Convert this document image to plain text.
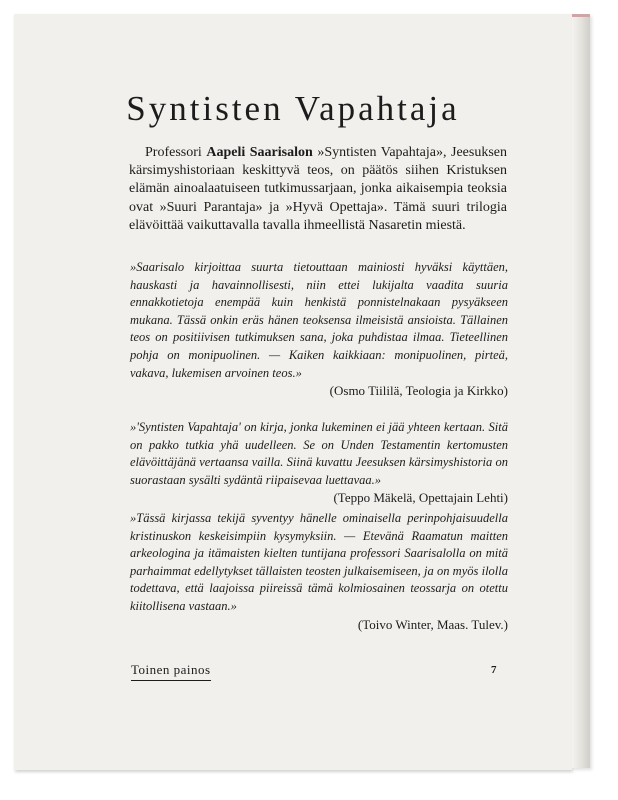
Syntisten Vapahtaja

Professori Aapeli Saarisalon »Syntisten Vapahtaja», Jeesuksen kärsimyshistoriaan keskittyvä teos, on päätös siihen Kristuksen elämän ainoalaatuiseen tutkimussarjaan, jonka aikaisempia teoksia ovat »Suuri Parantaja» ja »Hyvä Opettaja». Tämä suuri trilogia elävöittää vaikuttavalla tavalla ihmeellistä Nasaretin miestä.

»Saarisalo kirjoittaa suurta tietouttaan mainiosti hyväksi käyttäen, hauskasti ja havainnollisesti, niin ettei lukijalta vaadita suuria ennakkotietoja enempää kuin henkistä ponnistelnakaan pysyäkseen mukana. Tässä onkin eräs hänen teoksensa ilmeisistä ansioista. Tällainen teos on positiivisen tutkimuksen sana, joka puhdistaa ilmaa. Tieteellinen pohja on monipuolinen. — Kaiken kaikkiaan: monipuolinen, pirteä, vakava, lukemisen arvoinen teos.»
(Osmo Tiililä, Teologia ja Kirkko)

»'Syntisten Vapahtaja' on kirja, jonka lukeminen ei jää yhteen kertaan. Sitä on pakko tutkia yhä uudelleen. Se on Unden Testamentin kertomusten elävöittäjänä vertaansa vailla. Siinä kuvattu Jeesuksen kärsimyshistoria on suorastaan sysälti sydäntä riipaisevaa luettavaa.»
(Teppo Mäkelä, Opettajain Lehti)

»Tässä kirjassa tekijä syventyy hänelle ominaisella perinpohjaisuudella kristinuskon keskeisimpiin kysymyksiin. — Etevänä Raamatun maitten arkeologina ja itämaisten kielten tuntijana professori Saarisalolla on mitä parhaimmat edellytykset tällaisten teosten julkaisemiseen, ja on myös ilolla todettava, että laajoissa piireissä tämä kolmiosainen teossarja on otettu kiitollisena vastaan.»
(Toivo Winter, Maas. Tulev.)

Toinen painos	7
